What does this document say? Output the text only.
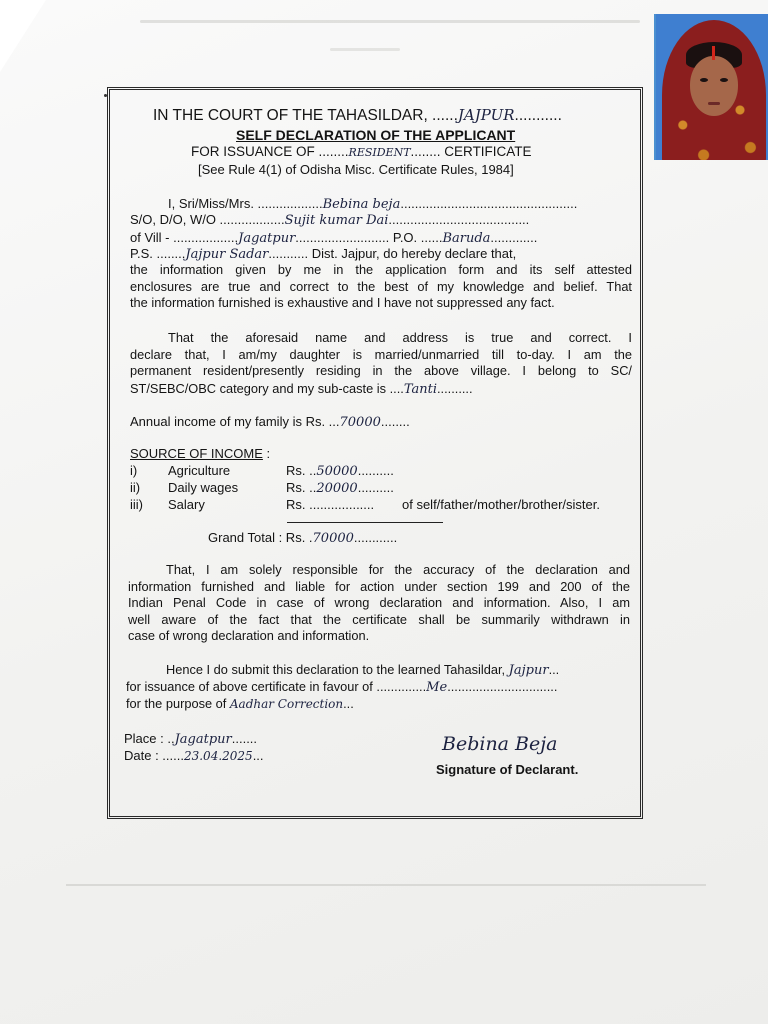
IN THE COURT OF THE TAHASILDAR, ......JAJPUR...........
SELF DECLARATION OF THE APPLICANT
FOR ISSUANCE OF ........RESIDENT........ CERTIFICATE
[See Rule 4(1) of Odisha Misc. Certificate Rules, 1984]
I, Sri/Miss/Mrs. ..................Bebina beja.................................................
S/O, D/O, W/O ..................Sujit kumar Dai.......................................
of Vill - ..................Jagatpur.......................... P.O. ......Baruda.............
P.S. ........Jajpur Sadar........... Dist. Jajpur, do hereby declare that,
the information given by me in the application form and its self attested
enclosures are true and correct to the best of my knowledge and belief. That
the information furnished is exhaustive and I have not suppressed any fact.
That the aforesaid name and address is true and correct. I
declare that, I am/my daughter is married/unmarried till to-day. I am the
permanent resident/presently residing in the above village. I belong to SC/
ST/SEBC/OBC category and my sub-caste is ....Tanti..........
Annual income of my family is Rs. ...70000........
SOURCE OF INCOME :
i) Agriculture	Rs. ..50000..........
ii) Daily wages	Rs. ..20000..........
iii) Salary	Rs. .................. of self/father/mother/brother/sister.
Grand Total : Rs. .70000............
That, I am solely responsible for the accuracy of the declaration and
information furnished and liable for action under section 199 and 200 of the
Indian Penal Code in case of wrong declaration and information. Also, I am
well aware of the fact that the certificate shall be summarily withdrawn in
case of wrong declaration and information.
Hence I do submit this declaration to the learned Tahasildar, Jajpur...
for issuance of above certificate in favour of ..............Me...............................
for the purpose of Aadhar Correction...
Place : ..Jagatpur.......
Date : ......23.04.2025...
Bebina Beja
Signature of Declarant.
